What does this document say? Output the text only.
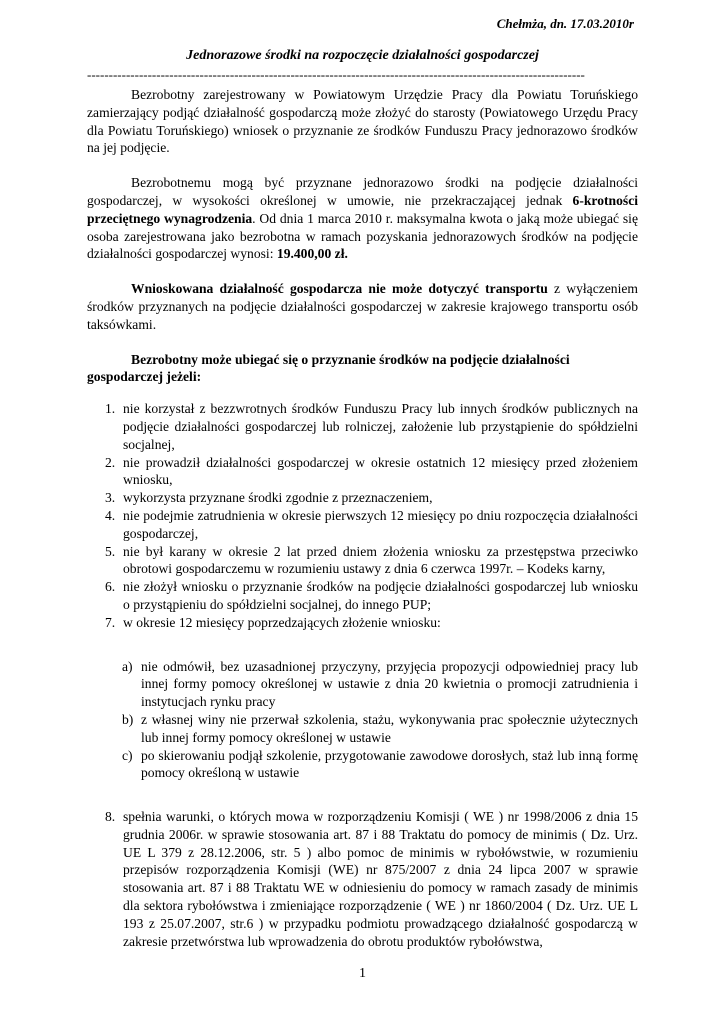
Chełmża, dn. 17.03.2010r
Jednorazowe środki na rozpoczęcie działalności gospodarczej
-------------------------------------------------------------------------------------------------------------------

Bezrobotny zarejestrowany w Powiatowym Urzędzie Pracy dla Powiatu Toruńskiego zamierzający podjąć działalność gospodarczą może złożyć do starosty (Powiatowego Urzędu Pracy dla Powiatu Toruńskiego) wniosek o przyznanie ze środków Funduszu Pracy jednorazowo środków na jej podjęcie.

Bezrobotnemu mogą być przyznane jednorazowo środki na podjęcie działalności gospodarczej, w wysokości określonej w umowie, nie przekraczającej jednak 6-krotności przeciętnego wynagrodzenia. Od dnia 1 marca 2010 r. maksymalna kwota o jaką może ubiegać się osoba zarejestrowana jako bezrobotna w ramach pozyskania jednorazowych środków na podjęcie działalności gospodarczej wynosi: 19.400,00 zł.

Wnioskowana działalność gospodarcza nie może dotyczyć transportu z wyłączeniem środków przyznanych na podjęcie działalności gospodarczej w zakresie krajowego transportu osób taksówkami.

Bezrobotny może ubiegać się o przyznanie środków na podjęcie działalności gospodarczej jeżeli:

1. nie korzystał z bezzwrotnych środków Funduszu Pracy lub innych środków publicznych na podjęcie działalności gospodarczej lub rolniczej, założenie lub przystąpienie do spółdzielni socjalnej,
2. nie prowadził działalności gospodarczej w okresie ostatnich 12 miesięcy przed złożeniem wniosku,
3. wykorzysta przyznane środki zgodnie z przeznaczeniem,
4. nie podejmie zatrudnienia w okresie pierwszych 12 miesięcy po dniu rozpoczęcia działalności gospodarczej,
5. nie był karany w okresie 2 lat przed dniem złożenia wniosku za przestępstwa przeciwko obrotowi gospodarczemu w rozumieniu ustawy z dnia 6 czerwca 1997r. – Kodeks karny,
6. nie złożył wniosku o przyznanie środków na podjęcie działalności gospodarczej lub wniosku o przystąpieniu do spółdzielni socjalnej, do innego PUP;
7. w okresie 12 miesięcy poprzedzających złożenie wniosku:
a) nie odmówił, bez uzasadnionej przyczyny, przyjęcia propozycji odpowiedniej pracy lub innej formy pomocy określonej w ustawie z dnia 20 kwietnia o promocji zatrudnienia i instytucjach rynku pracy
b) z własnej winy nie przerwał szkolenia, stażu, wykonywania prac społecznie użytecznych lub innej formy pomocy określonej w ustawie
c) po skierowaniu podjął szkolenie, przygotowanie zawodowe dorosłych, staż lub inną formę pomocy określoną w ustawie
8. spełnia warunki, o których mowa w rozporządzeniu Komisji ( WE ) nr 1998/2006 z dnia 15 grudnia 2006r. w sprawie stosowania art. 87 i 88 Traktatu do pomocy de minimis ( Dz. Urz. UE L 379 z 28.12.2006, str. 5 ) albo pomoc de minimis w rybołówstwie, w rozumieniu przepisów rozporządzenia Komisji (WE) nr 875/2007 z dnia 24 lipca 2007 w sprawie stosowania art. 87 i 88 Traktatu WE w odniesieniu do pomocy w ramach zasady de minimis dla sektora rybołówstwa i zmieniające rozporządzenie ( WE ) nr 1860/2004 ( Dz. Urz. UE L 193 z 25.07.2007, str.6 ) w przypadku podmiotu prowadzącego działalność gospodarczą w zakresie przetwórstwa lub wprowadzenia do obrotu produktów rybołówstwa,
1
